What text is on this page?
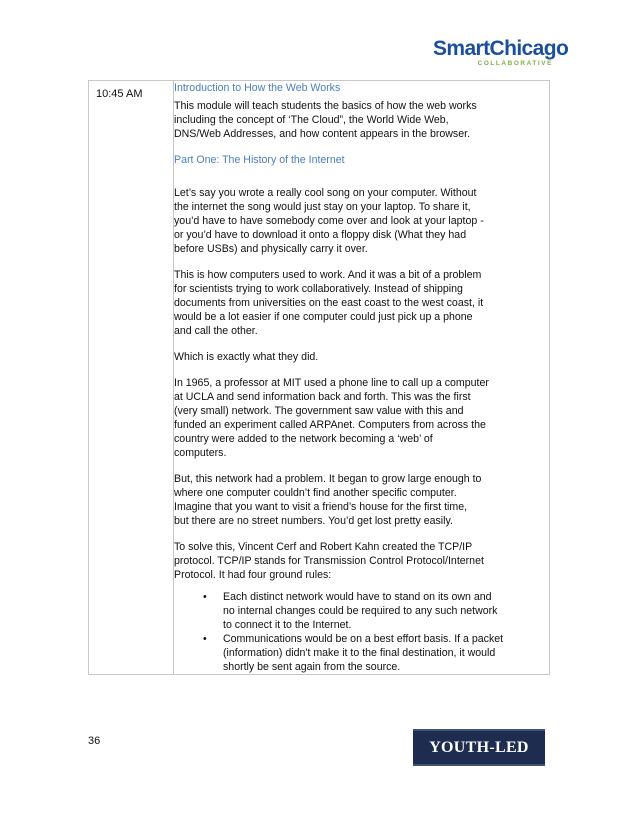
SmartChicago
COLLABORATIVE
10:45 AM	Introduction to How the Web Works

This module will teach students the basics of how the web works

including the concept of ‘The Cloud”, the World Wide Web,

DNS/Web Addresses, and how content appears in the browser.

Part One: The History of the Internet

Let’s say you wrote a really cool song on your computer. Without

the internet the song would just stay on your laptop. To share it,

you’d have to have somebody come over and look at your laptop -

or you’d have to download it onto a floppy disk (What they had

before USBs) and physically carry it over.

This is how computers used to work. And it was a bit of a problem

for scientists trying to work collaboratively. Instead of shipping

documents from universities on the east coast to the west coast, it

would be a lot easier if one computer could just pick up a phone

and call the other.

Which is exactly what they did.

In 1965, a professor at MIT used a phone line to call up a computer

at UCLA and send information back and forth. This was the first

(very small) network. The government saw value with this and

funded an experiment called ARPAnet. Computers from across the

country were added to the network becoming a ‘web’ of

computers.

But, this network had a problem. It began to grow large enough to

where one computer couldn’t find another specific computer.

Imagine that you want to visit a friend’s house for the first time,

but there are no street numbers. You’d get lost pretty easily.

To solve this, Vincent Cerf and Robert Kahn created the TCP/IP

protocol. TCP/IP stands for Transmission Control Protocol/Internet

Protocol. It had four ground rules:

• Each distinct network would have to stand on its own and
no internal changes could be required to any such network
to connect it to the Internet.
• Communications would be on a best effort basis. If a packet
(information) didn't make it to the final destination, it would
shortly be sent again from the source.
36	YOUTH-LED TECH
